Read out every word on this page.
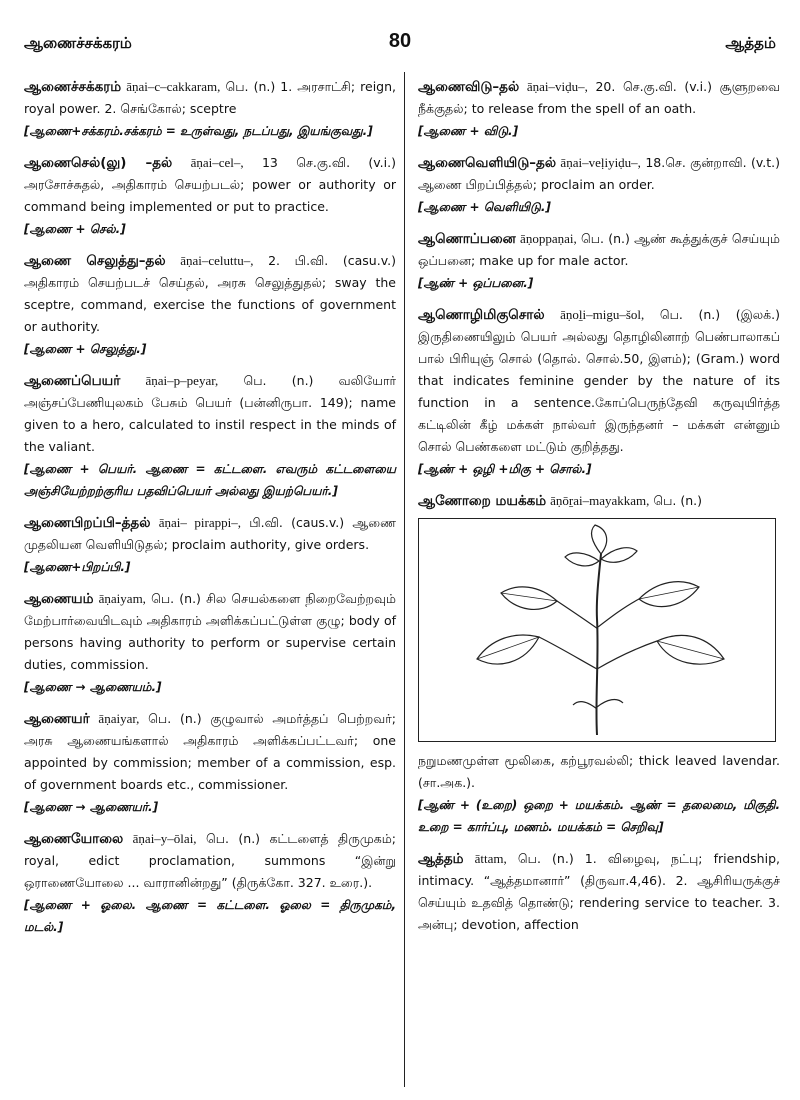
ஆணைச்சக்கரம்	80	ஆத்தம்

ஆணைச்சக்கரம் āṇai–c–cakkaram, பெ. (n.) 1. அரசாட்சி; reign, royal power. 2. செங்கோல்; sceptre

[ஆணை+சக்கரம்.சக்கரம் = உருள்வது, நடப்பது, இயங்குவது.]

ஆணைசெல்(லு) –தல் āṇai–cel–, 13 செ.கு.வி. (v.i.) அரசோச்சுதல், அதிகாரம் செயற்படல்; power or authority or command being implemented or put to practice.

[ஆணை + செல்.]

ஆணை செலுத்து–தல் āṇai–celuttu–, 2. பி.வி. (casu.v.) அதிகாரம் செயற்படச் செய்தல், அரசு செலுத்துதல்; sway the sceptre, command, exercise the functions of government or authority.

[ஆணை + செலுத்து.]

ஆணைப்பெயர் āṇai–p–peyar, பெ. (n.) வலியோர் அஞ்சப்பேணியுலகம் பேசும் பெயர் (பன்னிருபா. 149); name given to a hero, calculated to instil respect in the minds of the valiant.

[ஆணை + பெயர். ஆணை = கட்டளை. எவரும் கட்டளையை அஞ்சியேற்றற்குரிய பதவிப்பெயர் அல்லது இயற்பெயர்.]

ஆணைபிறப்பி–த்தல் āṇai– pirappi–, பி.வி. (caus.v.) ஆணை முதலியன வெளியிடுதல்; proclaim authority, give orders.

[ஆணை+பிறப்பி.]

ஆணையம் āṇaiyam, பெ. (n.) சில செயல்களை நிறைவேற்றவும் மேற்பார்வையிடவும் அதிகாரம் அளிக்கப்பட்டுள்ள குழு; body of persons having authority to perform or supervise certain duties, commission.

[ஆணை → ஆணையம்.]

ஆணையர் āṇaiyar, பெ. (n.) குழுவால் அமர்த்தப் பெற்றவர்; அரசு ஆணையங்களால் அதிகாரம் அளிக்கப்பட்டவர்; one appointed by commission; member of a commission, esp. of government boards etc., commissioner.

[ஆணை → ஆணையர்.]

ஆணையோலை āṇai–y–ōlai, பெ. (n.) கட்டளைத் திருமுகம்; royal, edict proclamation, summons “இன்று ஒராணையோலை ... வாரானின்றது” (திருக்கோ. 327. உரை.).

[ஆணை + ஓலை. ஆணை = கட்டளை. ஓலை = திருமுகம், மடல்.]

ஆணைவிடு–தல் āṇai–viḍu–, 20. செ.கு.வி. (v.i.) சூளுறவை நீக்குதல்; to release from the spell of an oath.

[ஆணை + விடு.]

ஆணைவெளியிடு–தல் āṇai–veḷiyiḍu–, 18.செ. குன்றாவி. (v.t.) ஆணை பிறப்பித்தல்; proclaim an order.

[ஆணை + வெளியிடு.]

ஆணொப்பனை āṇoppaṇai, பெ. (n.) ஆண் கூத்துக்குச் செய்யும் ஒப்பனை; make up for male actor.

[ஆண் + ஒப்பனை.]

ஆணொழிமிகுசொல் āṇoḻi–migu–šol, பெ. (n.) (இலக்.) இருதிணையிலும் பெயர் அல்லது தொழிலினாற் பெண்பாலாகப் பால் பிரியுஞ் சொல் (தொல். சொல்.50, இளம்); (Gram.) word that indicates feminine gender by the nature of its function in a sentence.கோப்பெருந்தேவி கருவுயிர்த்த கட்டிலின் கீழ் மக்கள் நால்வர் இருந்தனர் – மக்கள் என்னும் சொல் பெண்களை மட்டும் குறித்தது.

[ஆண் + ஒழி +மிகு + சொல்.]

ஆணோறை மயக்கம் āṇōṟai–mayakkam, பெ. (n.)

நறுமணமுள்ள மூலிகை, கற்பூரவல்லி; thick leaved lavendar. (சா.அக.).

[ஆண் + (உறை) ஒறை + மயக்கம். ஆண் = தலைமை, மிகுதி. உறை = கார்ப்பு, மணம். மயக்கம் = செறிவு]

ஆத்தம் āttam, பெ. (n.) 1. விழைவு, நட்பு; friendship, intimacy. “ஆத்தமானார்” (திருவா.4,46). 2. ஆசிரியருக்குச் செய்யும் உதவித் தொண்டு; rendering service to teacher. 3. அன்பு; devotion, affection
